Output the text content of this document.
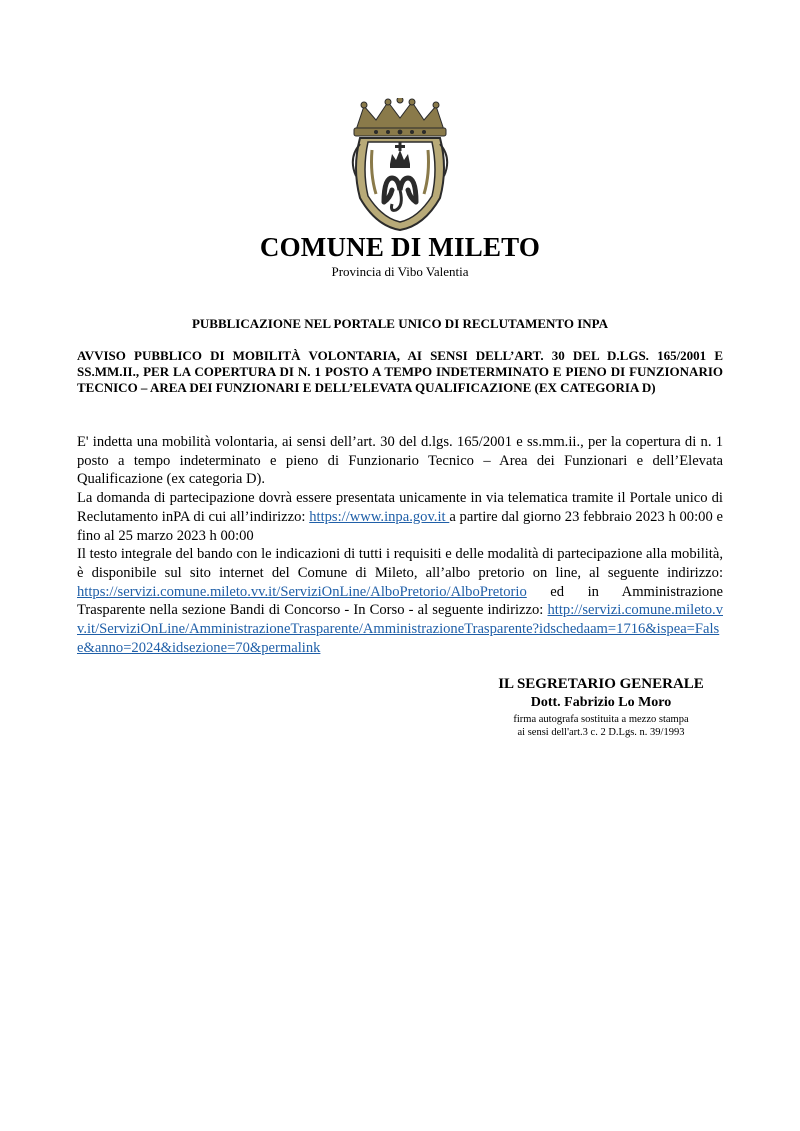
COMUNE DI MILETO
Provincia di Vibo Valentia
PUBBLICAZIONE NEL PORTALE UNICO DI RECLUTAMENTO INPA

AVVISO PUBBLICO DI MOBILITÀ VOLONTARIA, AI SENSI DELL’ART. 30 DEL D.LGS. 165/2001 E SS.MM.II., PER LA COPERTURA DI N. 1 POSTO A TEMPO INDETERMINATO E PIENO DI FUNZIONARIO TECNICO – AREA DEI FUNZIONARI E DELL’ELEVATA QUALIFICAZIONE (EX CATEGORIA D)

E' indetta una mobilità volontaria, ai sensi dell’art. 30 del d.lgs. 165/2001 e ss.mm.ii., per la copertura di n. 1 posto a tempo indeterminato e pieno di Funzionario Tecnico – Area dei Funzionari e dell’Elevata Qualificazione (ex categoria D).

La domanda di partecipazione dovrà essere presentata unicamente in via telematica tramite il Portale unico di Reclutamento inPA di cui all’indirizzo: https://www.inpa.gov.it a partire dal giorno 23 febbraio 2023 h 00:00 e fino al 25 marzo 2023 h 00:00

Il testo integrale del bando con le indicazioni di tutti i requisiti e delle modalità di partecipazione alla mobilità, è disponibile sul sito internet del Comune di Mileto, all’albo pretorio on line, al seguente indirizzo: https://servizi.comune.mileto.vv.it/ServiziOnLine/AlboPretorio/AlboPretorio ed in Amministrazione Trasparente nella sezione Bandi di Concorso - In Corso - al seguente indirizzo: http://servizi.comune.mileto.vv.it/ServiziOnLine/AmministrazioneTrasparente/AmministrazioneTrasparente?idschedaam=1716&ispea=False&anno=2024&idsezione=70&permalink

IL SEGRETARIO GENERALE
Dott. Fabrizio Lo Moro
firma autografa sostituita a mezzo stampa
ai sensi dell'art.3 c. 2 D.Lgs. n. 39/1993
